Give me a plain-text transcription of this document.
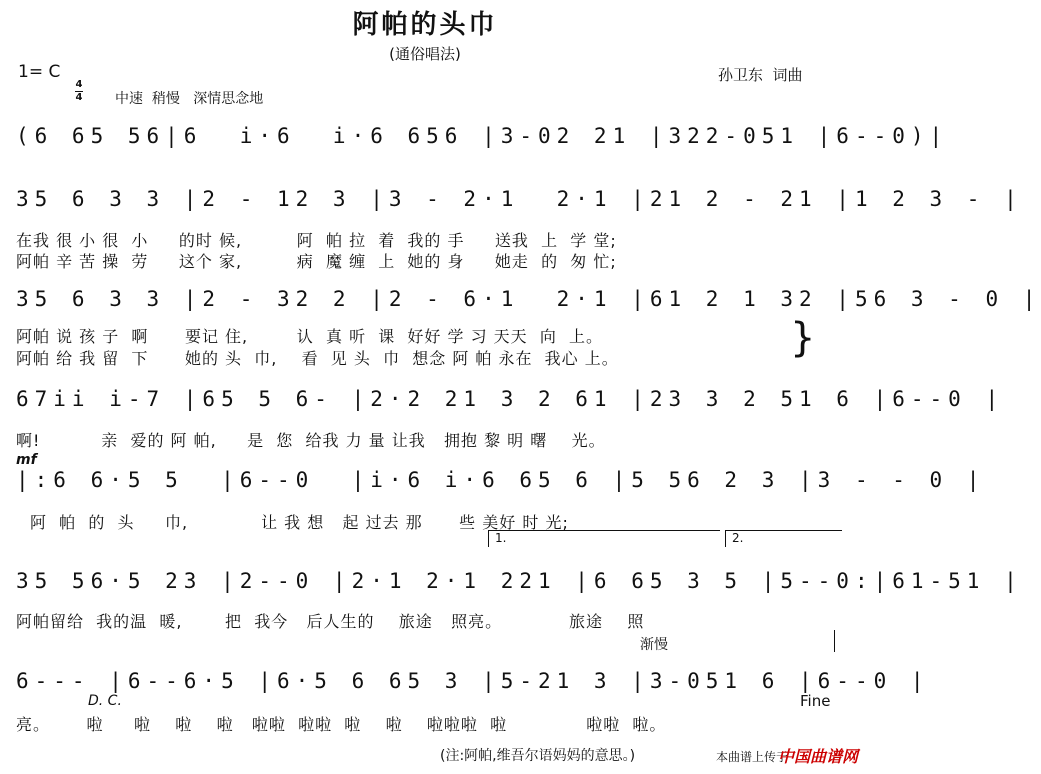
阿帕的头巾
(通俗唱法)
1= C

4
4 中速  稍慢   深情思念地
孙卫东  词曲
(6 65 56|6  i·6  i·6 656 |3-02 21 |322-051 |6--0)|
35 6 3 3 |2 - 12 3 |3 - 2·1  2·1 |21 2 - 21 |1 2 3 - |
在我 很 小 很  小     的时 候,         阿  帕 拉  着  我的 手     送我  上  学 堂;
阿帕 辛 苦 操  劳     这个 家,         病  魔 缠  上  她的 身     她走  的  匆 忙;
35 6 3 3 |2 - 32 2 |2 - 6·1  2·1 |61 2 1 32 |56 3 - 0 |
阿帕 说 孩 子  啊      要记 住,        认  真 听  课  好好 学 习 天天  向  上。
阿帕 给 我 留  下      她的 头  巾,    看  见 头  巾  想念 阿 帕 永在  我心 上。	}
67ii i-7 |65 5 6- |2·2 21 3 2 61 |23 3 2 51 6 |6--0 |
啊!          亲  爱的 阿 帕,     是  您  给我 力 量 让我   拥抱 黎 明 曙    光。
mf
|:6 6·5 5  |6--0  |i·6 i·6 65 6 |5 56 2 3 |3 - - 0 |
阿  帕  的  头     巾,            让 我 想   起 过去 那      些 美好 时 光;
1.	2.
35 56·5 23 |2--0 |2·1 2·1 221 |6 65 3 5 |5--0:|61-51 |
阿帕留给  我的温  暖,       把  我今   后人生的    旅途   照亮。           旅途    照
渐慢
6--- |6--6·5 |6·5 6 65 3 |5-21 3 |3-051 6 |6--0 |
D. C.	Fine
亮。      啦     啦    啦    啦   啦啦  啦啦  啦    啦    啦啦啦  啦             啦啦  啦。
(注:阿帕,维吾尔语妈妈的意思。)	本曲谱上传于
中国曲谱网
